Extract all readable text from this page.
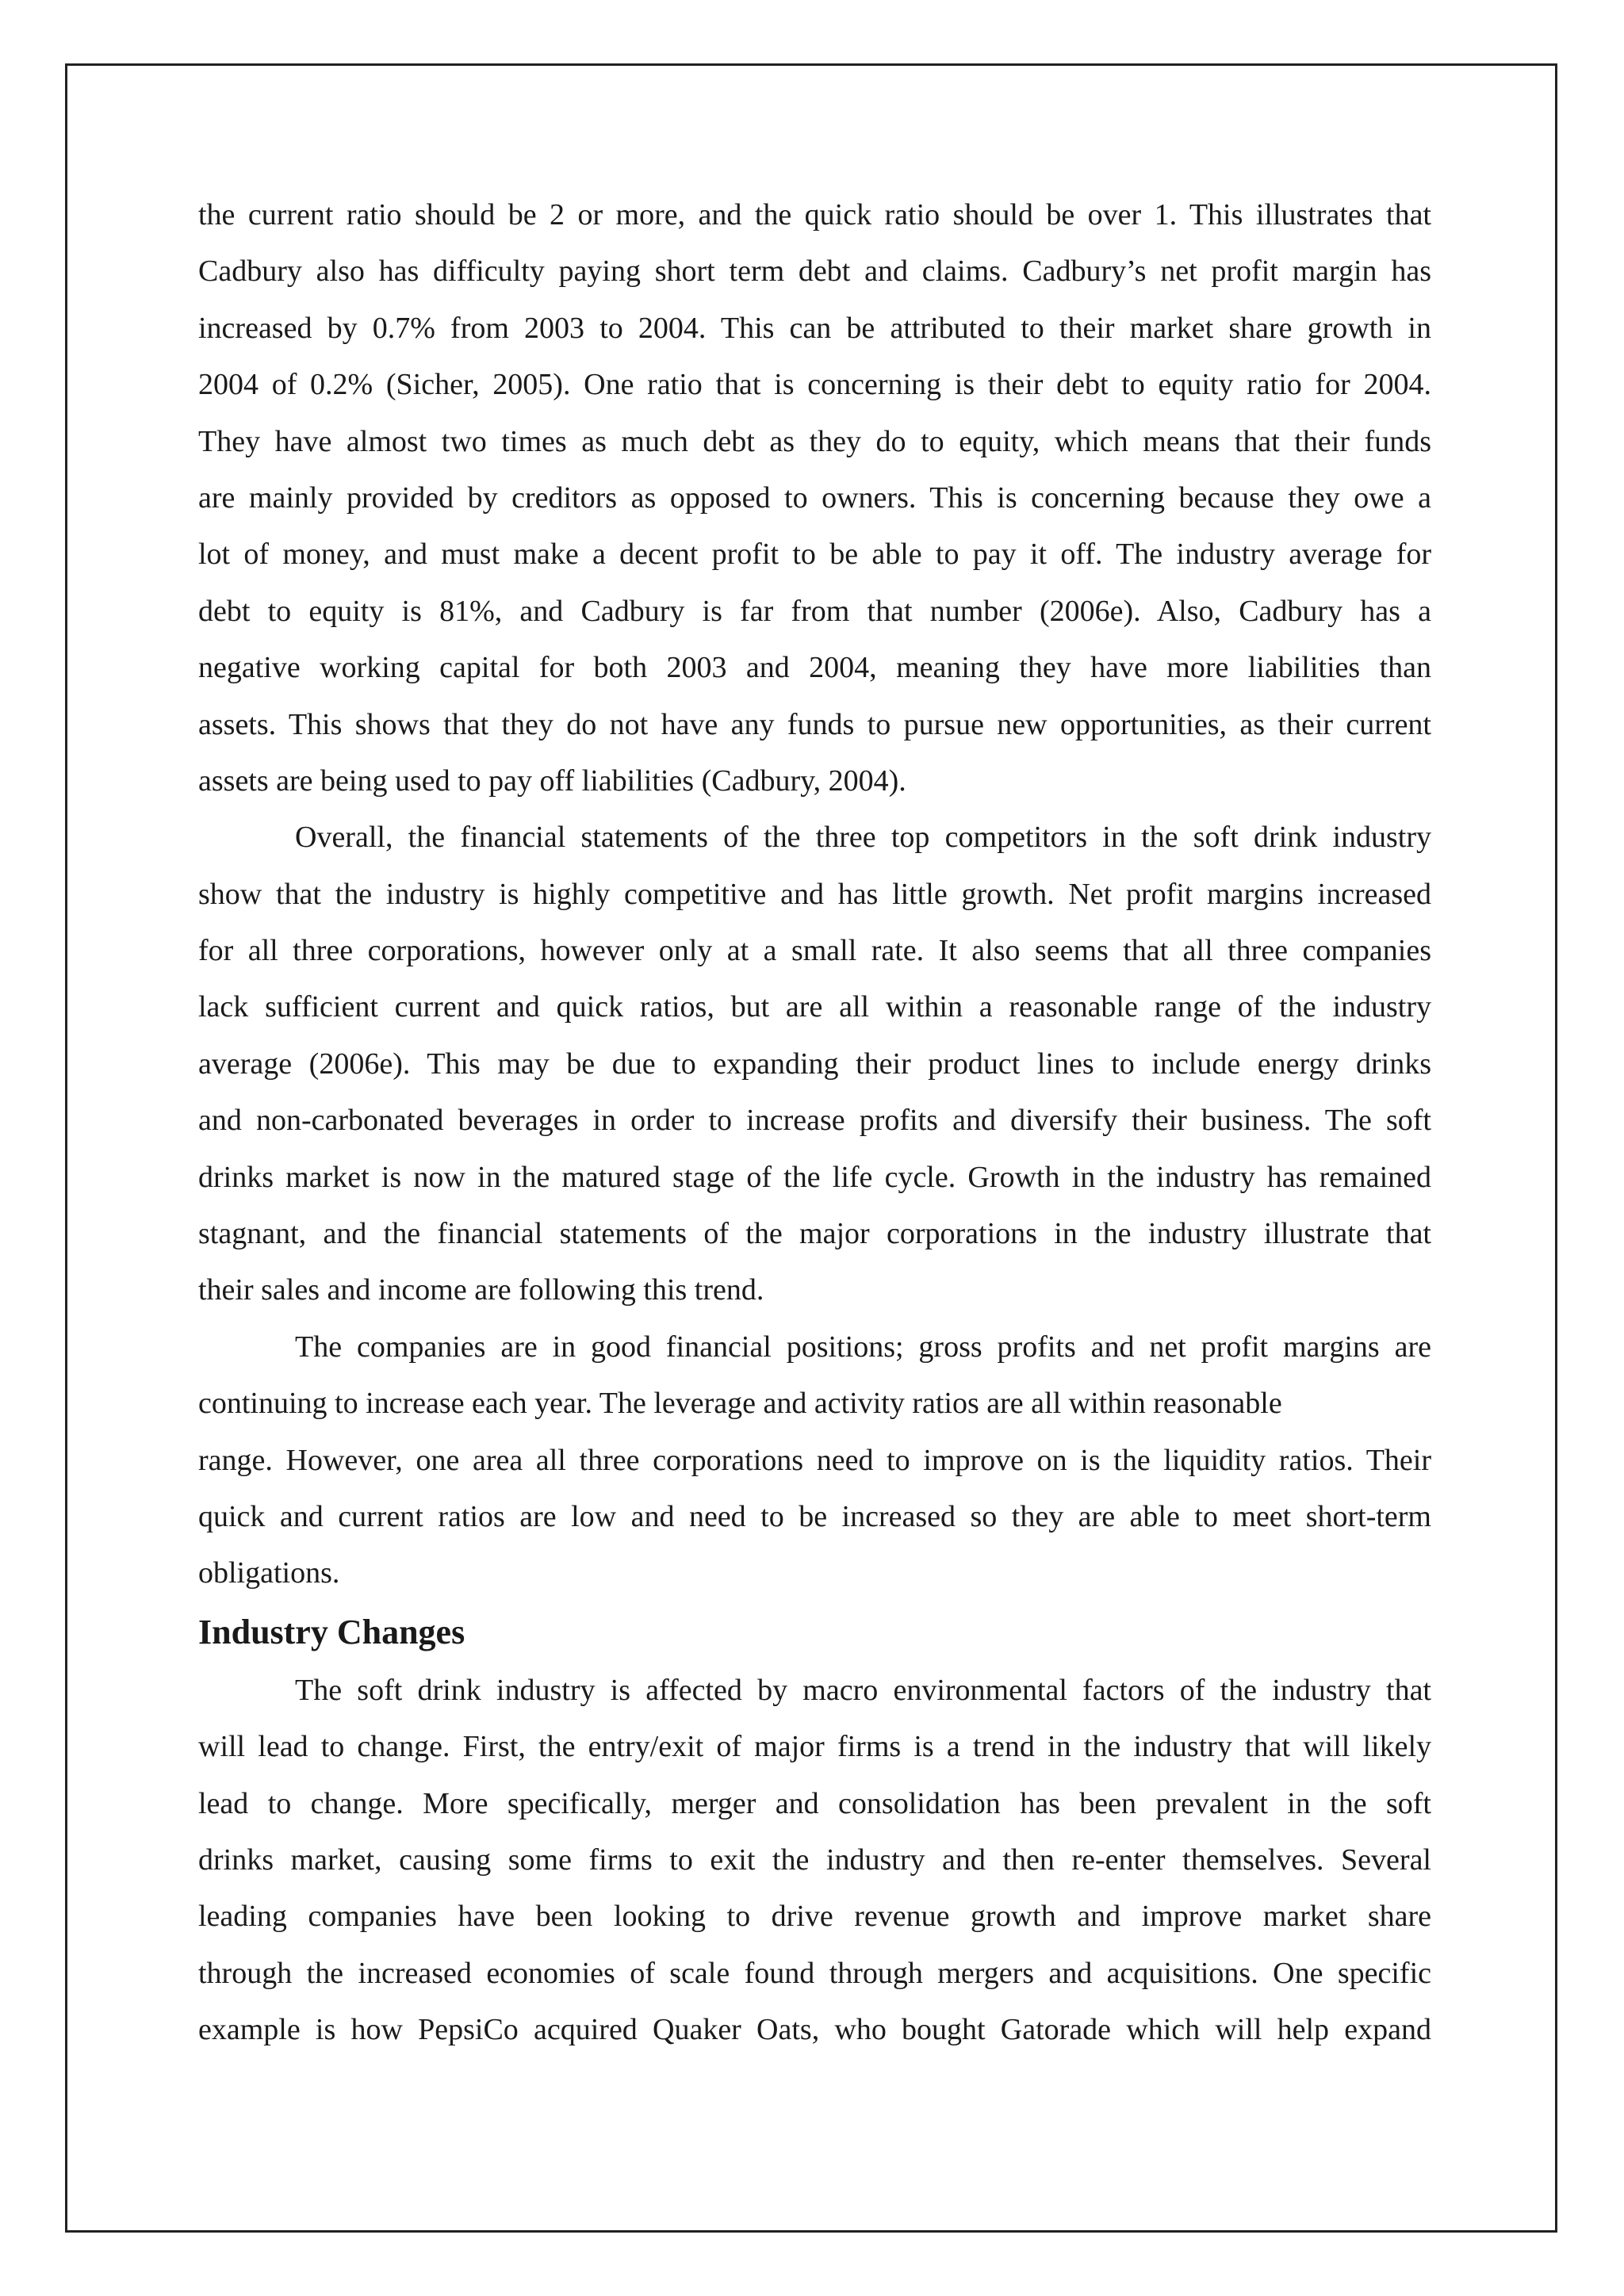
the current ratio should be 2 or more, and the quick ratio should be over 1. This illustrates that
Cadbury also has difficulty paying short term debt and claims. Cadbury’s net profit margin has
increased by 0.7% from 2003 to 2004. This can be attributed to their market share growth in
2004 of 0.2% (Sicher, 2005). One ratio that is concerning is their debt to equity ratio for 2004.
They have almost two times as much debt as they do to equity, which means that their funds
are mainly provided by creditors as opposed to owners. This is concerning because they owe a
lot of money, and must make a decent profit to be able to pay it off. The industry average for
debt to equity is 81%, and Cadbury is far from that number (2006e). Also, Cadbury has a
negative working capital for both 2003 and 2004, meaning they have more liabilities than
assets. This shows that they do not have any funds to pursue new opportunities, as their current
assets are being used to pay off liabilities (Cadbury, 2004).
Overall, the financial statements of the three top competitors in the soft drink industry
show that the industry is highly competitive and has little growth. Net profit margins increased
for all three corporations, however only at a small rate. It also seems that all three companies
lack sufficient current and quick ratios, but are all within a reasonable range of the industry
average (2006e). This may be due to expanding their product lines to include energy drinks
and non-carbonated beverages in order to increase profits and diversify their business. The soft
drinks market is now in the matured stage of the life cycle. Growth in the industry has remained
stagnant, and the financial statements of the major corporations in the industry illustrate that
their sales and income are following this trend.
The companies are in good financial positions; gross profits and net profit margins are
continuing to increase each year. The leverage and activity ratios are all within reasonable
range. However, one area all three corporations need to improve on is the liquidity ratios. Their
quick and current ratios are low and need to be increased so they are able to meet short-term
obligations.
Industry Changes
The soft drink industry is affected by macro environmental factors of the industry that
will lead to change. First, the entry/exit of major firms is a trend in the industry that will likely
lead to change. More specifically, merger and consolidation has been prevalent in the soft
drinks market, causing some firms to exit the industry and then re-enter themselves. Several
leading companies have been looking to drive revenue growth and improve market share
through the increased economies of scale found through mergers and acquisitions. One specific
example is how PepsiCo acquired Quaker Oats, who bought Gatorade which will help expand
